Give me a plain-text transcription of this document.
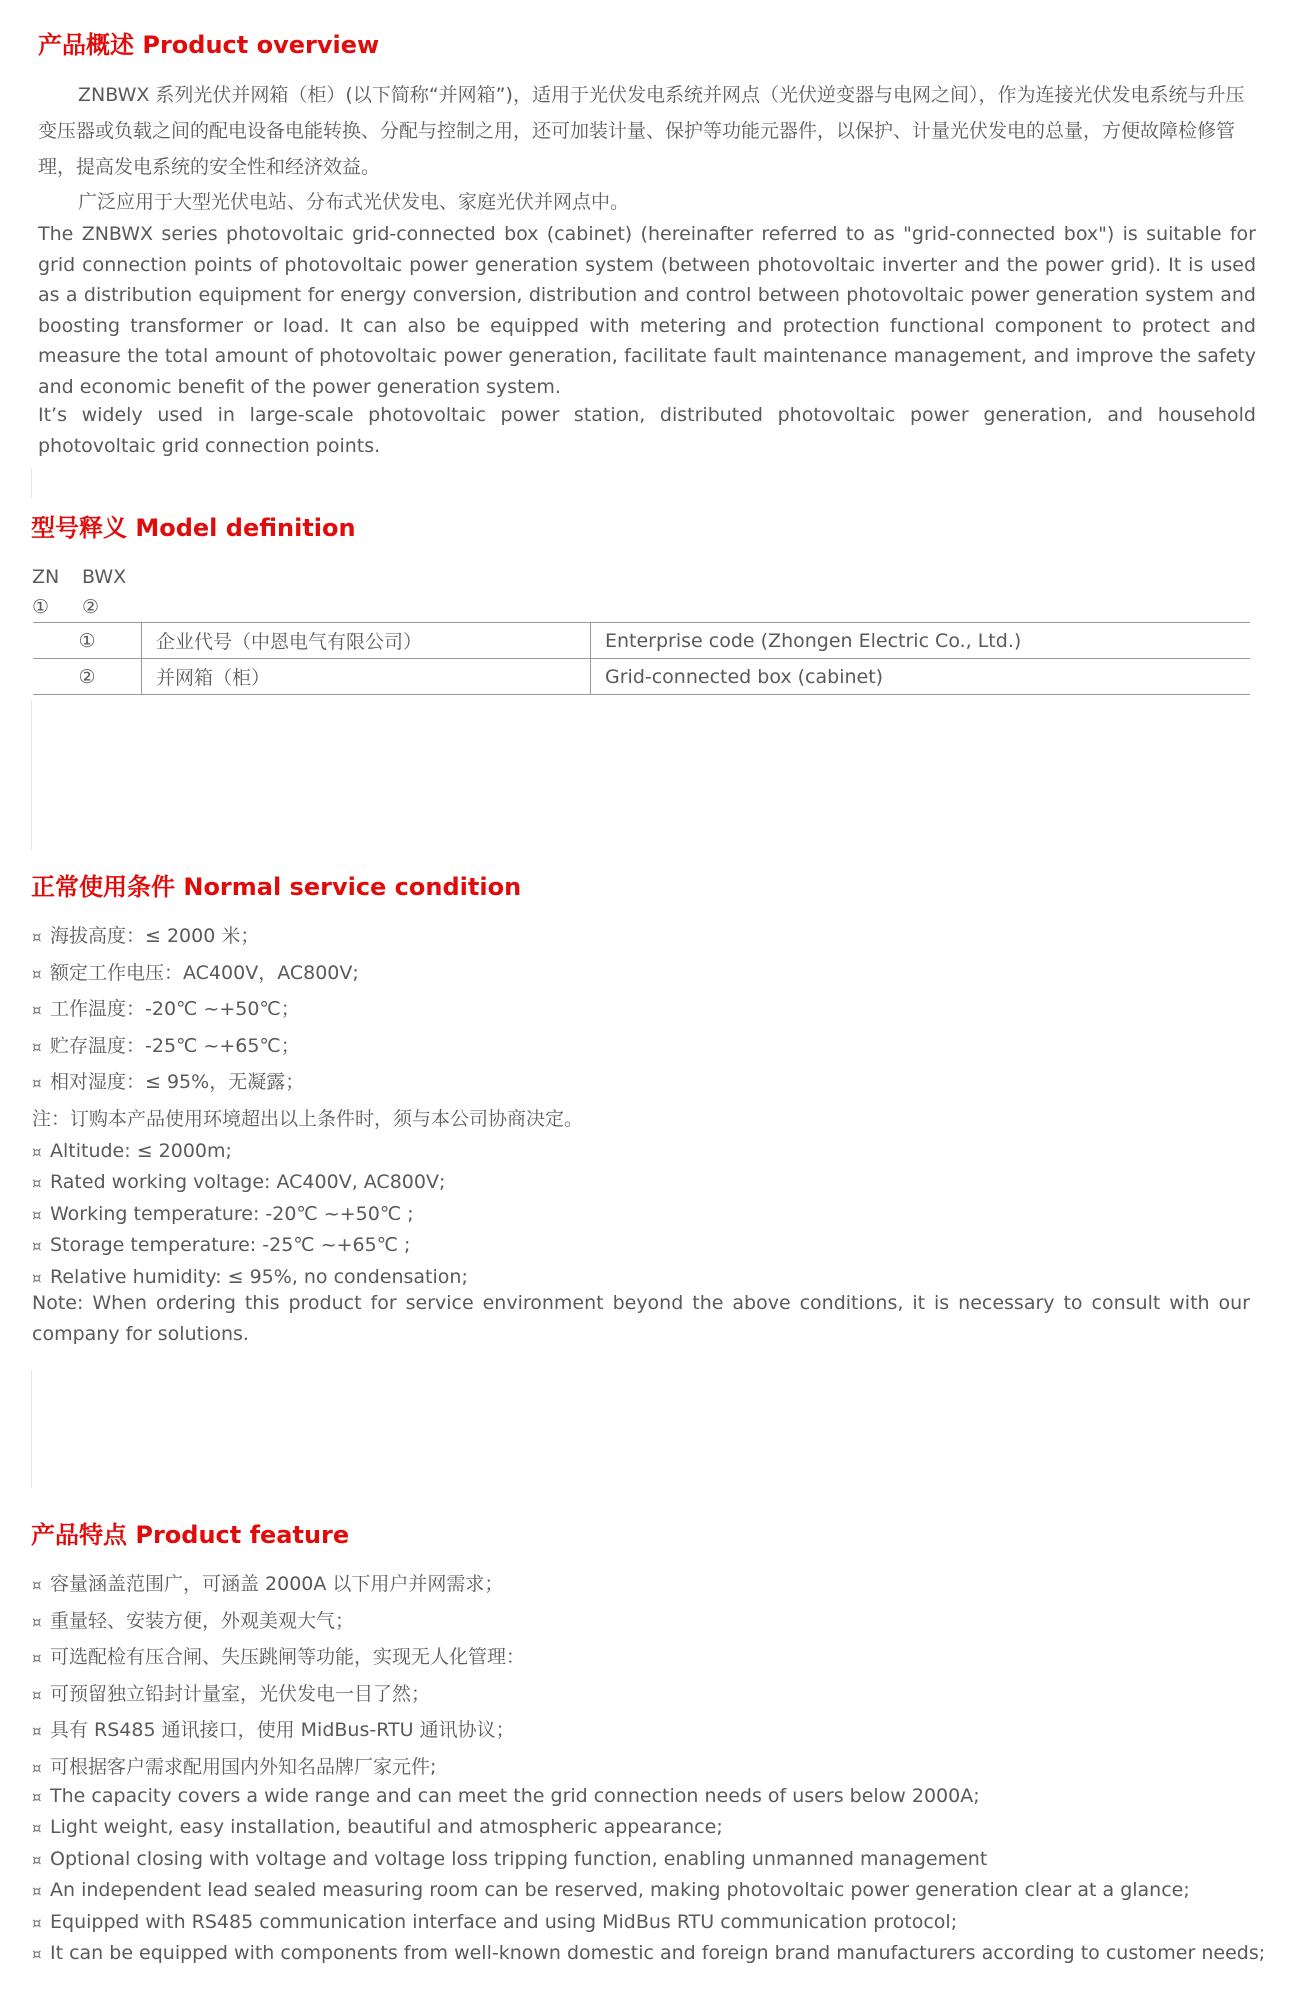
产品概述 Product overview

ZNBWX 系列光伏并网箱（柜）(以下简称“并网箱”)，适用于光伏发电系统并网点（光伏逆变器与电网之间），作为连接光伏发电系统与升压变压器或负载之间的配电设备电能转换、分配与控制之用，还可加装计量、保护等功能元器件，以保护、计量光伏发电的总量，方便故障检修管理，提高发电系统的安全性和经济效益。

广泛应用于大型光伏电站、分布式光伏发电、家庭光伏并网点中。

The ZNBWX series photovoltaic grid-connected box (cabinet) (hereinafter referred to as "grid-connected box") is suitable for grid connection points of photovoltaic power generation system (between photovoltaic inverter and the power grid). It is used as a distribution equipment for energy conversion, distribution and control between photovoltaic power generation system and boosting transformer or load. It can also be equipped with metering and protection functional component to protect and measure the total amount of photovoltaic power generation, facilitate fault maintenance management, and improve the safety and economic benefit of the power generation system.

It’s widely used in large-scale photovoltaic power station, distributed photovoltaic power generation, and household photovoltaic grid connection points.

型号释义 Model definition
ZN BWX
① ②
①	企业代号（中恩电气有限公司）	Enterprise code (Zhongen Electric Co., Ltd.)
②	并网箱（柜）	Grid-connected box (cabinet)
正常使用条件 Normal service condition
¤ 海拔高度：≤ 2000 米；
¤ 额定工作电压：AC400V，AC800V;
¤ 工作温度：-20℃ ~+50℃；
¤ 贮存温度：-25℃ ~+65℃；
¤ 相对湿度：≤ 95%，无凝露；
注：订购本产品使用环境超出以上条件时，须与本公司协商决定。
¤ Altitude: ≤ 2000m;
¤ Rated working voltage: AC400V, AC800V;
¤ Working temperature: -20℃ ~+50℃ ;
¤ Storage temperature: -25℃ ~+65℃ ;
¤ Relative humidity: ≤ 95%, no condensation;

Note: When ordering this product for service environment beyond the above conditions, it is necessary to consult with our company for solutions.

产品特点 Product feature
¤ 容量涵盖范围广，可涵盖 2000A 以下用户并网需求；
¤ 重量轻、安装方便，外观美观大气；
¤ 可选配检有压合闸、失压跳闸等功能，实现无人化管理：
¤ 可预留独立铅封计量室，光伏发电一目了然；
¤ 具有 RS485 通讯接口，使用 MidBus-RTU 通讯协议；
¤ 可根据客户需求配用国内外知名品牌厂家元件;
¤ The capacity covers a wide range and can meet the grid connection needs of users below 2000A;
¤ Light weight, easy installation, beautiful and atmospheric appearance;
¤ Optional closing with voltage and voltage loss tripping function, enabling unmanned management
¤ An independent lead sealed measuring room can be reserved, making photovoltaic power generation clear at a glance;
¤ Equipped with RS485 communication interface and using MidBus RTU communication protocol;
¤ It can be equipped with components from well-known domestic and foreign brand manufacturers according to customer needs;
